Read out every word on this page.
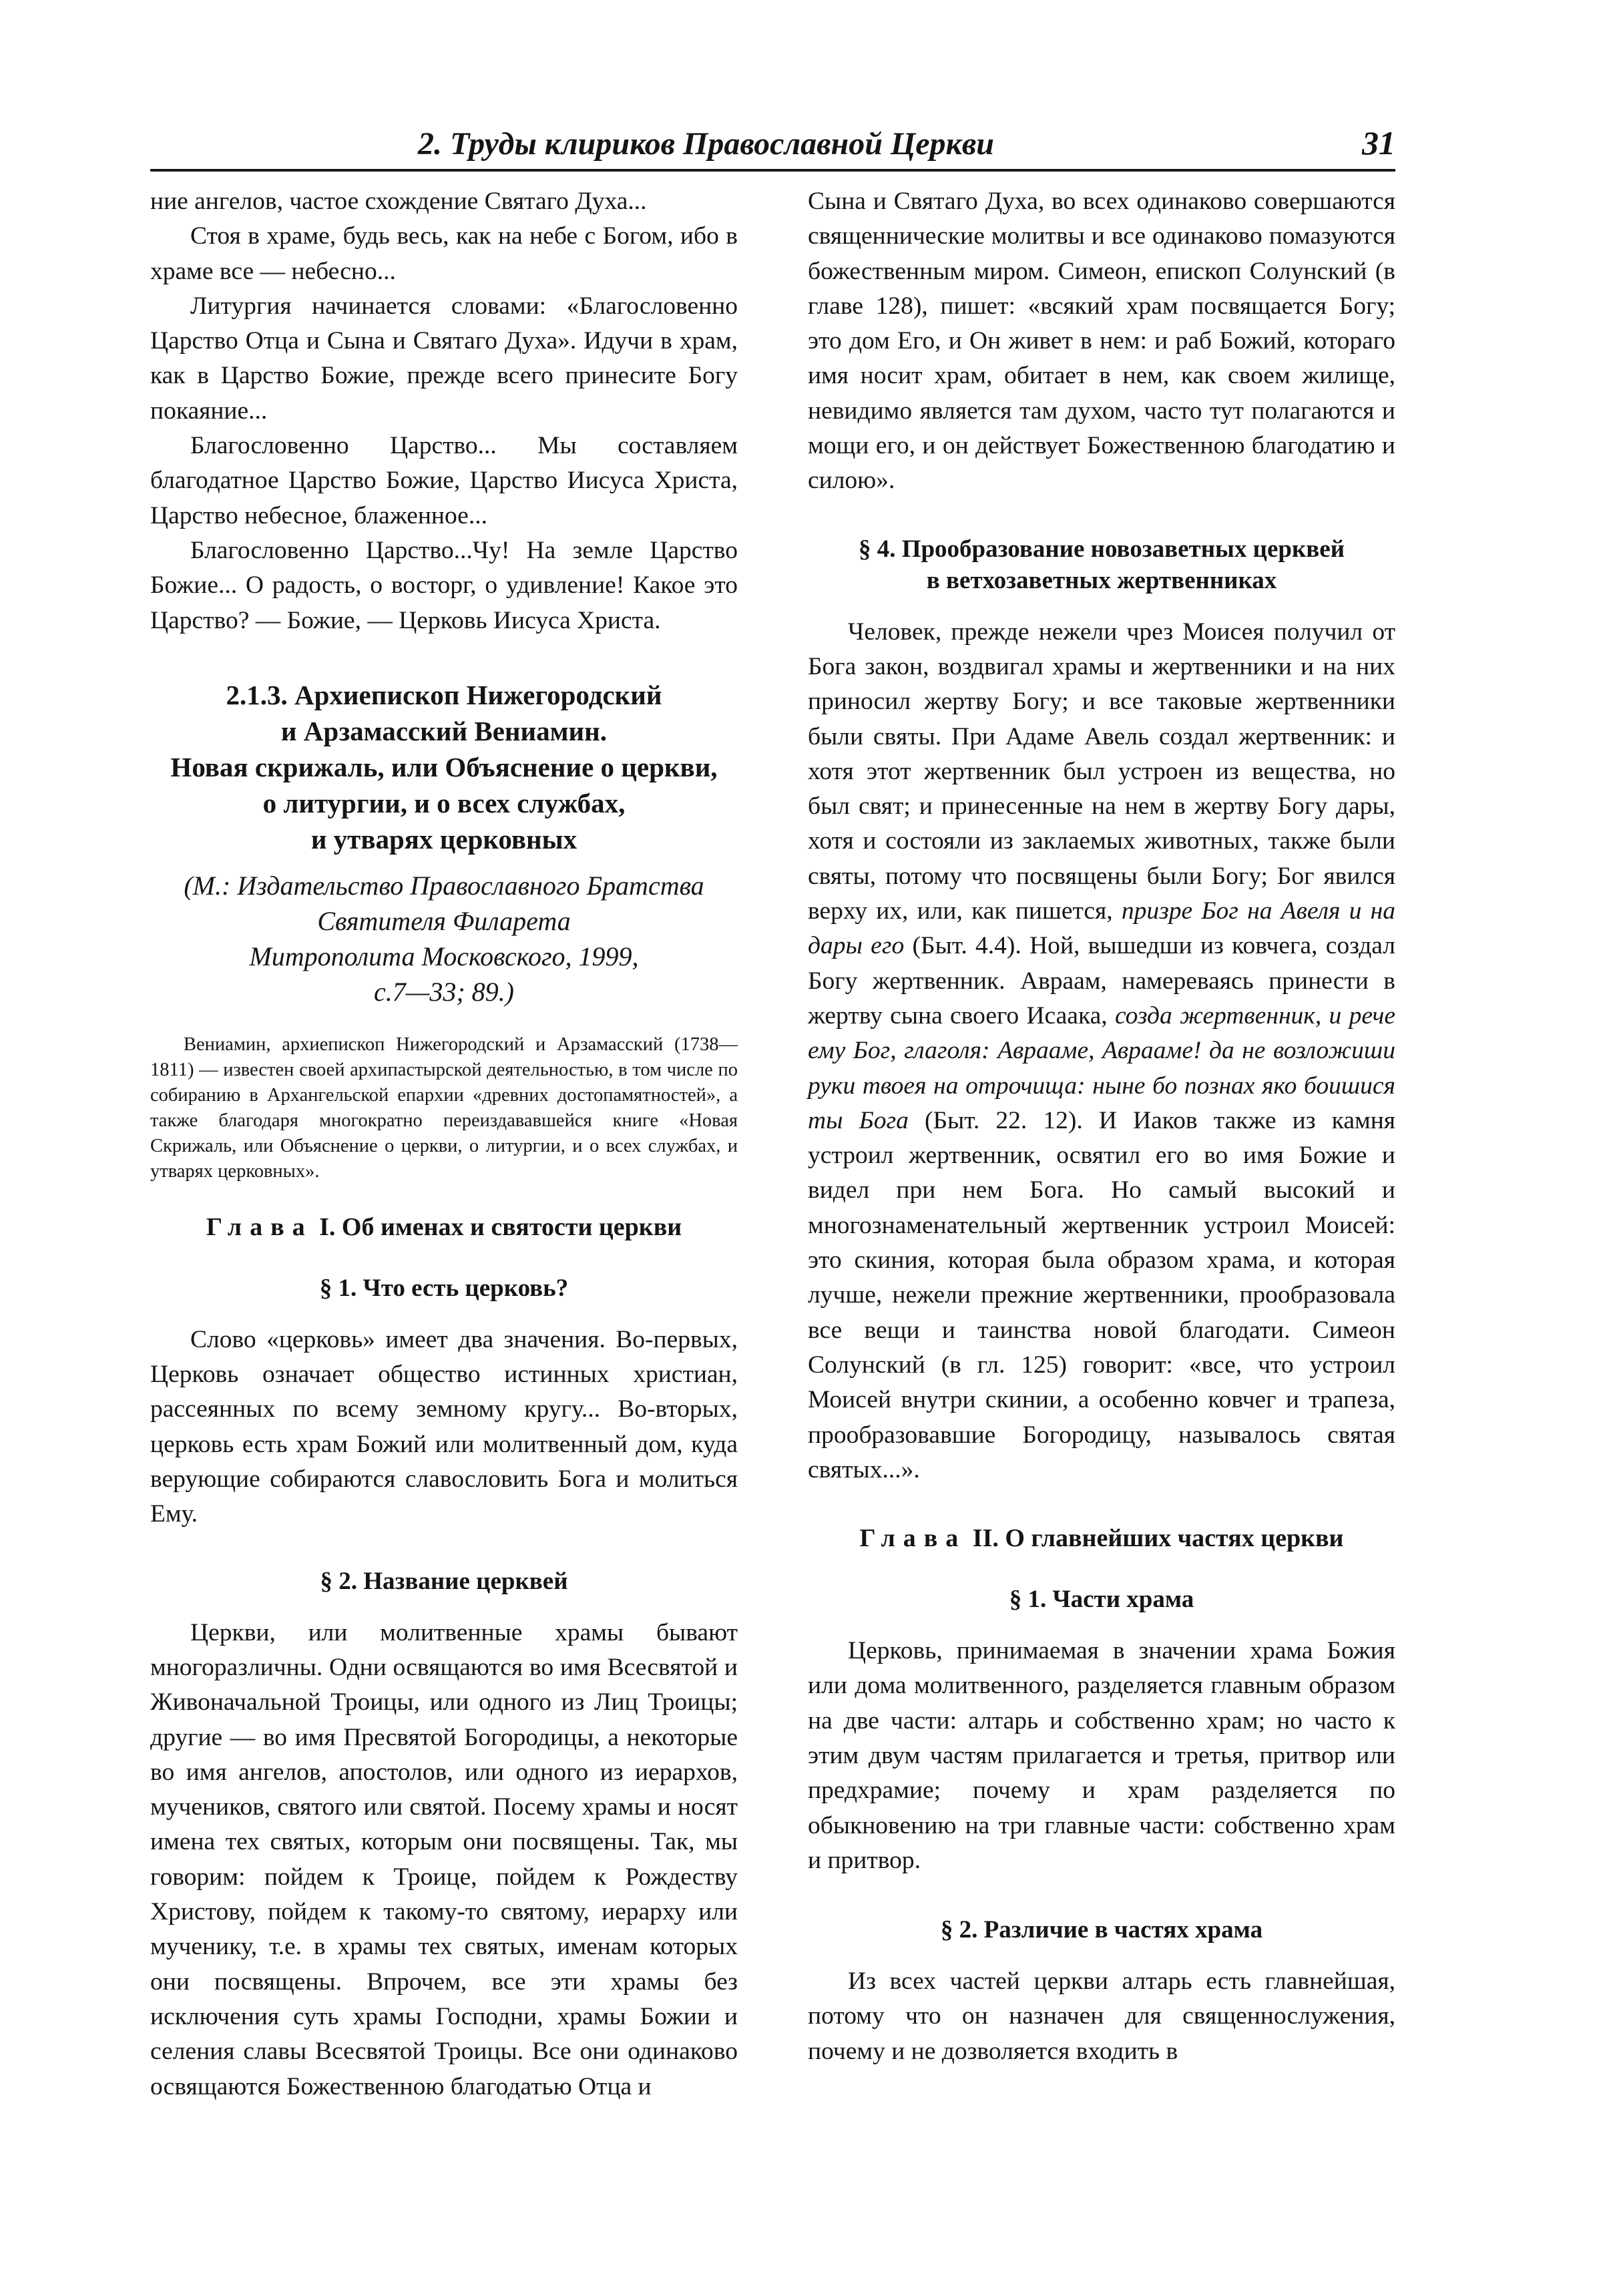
2. Труды клириков Православной Церкви	31

ние ангелов, частое схождение Святаго Духа...

Стоя в храме, будь весь, как на небе с Богом, ибо в храме все — небесно...

Литургия начинается словами: «Благословенно Царство Отца и Сына и Святаго Духа». Идучи в храм, как в Царство Божие, прежде всего принесите Богу покаяние...

Благословенно Царство... Мы составляем благодатное Царство Божие, Царство Иисуса Христа, Царство небесное, блаженное...

Благословенно Царство...Чу! На земле Царство Божие... О радость, о восторг, о удивление! Какое это Царство? — Божие, — Церковь Иисуса Христа.

2.1.3. Архиепископ Нижегородский
и Арзамасский Вениамин.
Новая скрижаль, или Объяснение о церкви,
о литургии, и о всех службах,
и утварях церковных
(М.: Издательство Православного Братства
Святителя Филарета
Митрополита Московского, 1999,
с.7—33; 89.)

Вениамин, архиепископ Нижегородский и Арзамасский (1738—1811) — известен своей архипастырской деятельностью, в том числе по собиранию в Архангельской епархии «древних достопамятностей», а также благодаря многократно переиздававшейся книге «Новая Скрижаль, или Объяснение о церкви, о литургии, и о всех службах, и утварях церковных».

Глава I. Об именах и святости церкви
§ 1. Что есть церковь?

Слово «церковь» имеет два значения. Во-первых, Церковь означает общество истинных христиан, рассеянных по всему земному кругу... Во-вторых, церковь есть храм Божий или молитвенный дом, куда верующие собираются славословить Бога и молиться Ему.

§ 2. Название церквей

Церкви, или молитвенные храмы бывают многоразличны. Одни освящаются во имя Всесвятой и Живоначальной Троицы, или одного из Лиц Троицы; другие — во имя Пресвятой Богородицы, а некоторые во имя ангелов, апостолов, или одного из иерархов, мучеников, святого или святой. Посему храмы и носят имена тех святых, которым они посвящены. Так, мы говорим: пойдем к Троице, пойдем к Рождеству Христову, пойдем к такому-то святому, иерарху или мученику, т.е. в храмы тех святых, именам которых они посвящены. Впрочем, все эти храмы без исключения суть храмы Господни, храмы Божии и селения славы Всесвятой Троицы. Все они одинаково освящаются Божественною благодатью Отца и

Сына и Святаго Духа, во всех одинаково совершаются священнические молитвы и все одинаково помазуются божественным миром. Симеон, епископ Солунский (в главе 128), пишет: «всякий храм посвящается Богу; это дом Его, и Он живет в нем: и раб Божий, котораго имя носит храм, обитает в нем, как своем жилище, невидимо является там духом, часто тут полагаются и мощи его, и он действует Божественною благодатию и силою».

§ 4. Прообразование новозаветных церквей
в ветхозаветных жертвенниках

Человек, прежде нежели чрез Моисея получил от Бога закон, воздвигал храмы и жертвенники и на них приносил жертву Богу; и все таковые жертвенники были святы. При Адаме Авель создал жертвенник: и хотя этот жертвенник был устроен из вещества, но был свят; и принесенные на нем в жертву Богу дары, хотя и состояли из заклаемых животных, также были святы, потому что посвящены были Богу; Бог явился верху их, или, как пишется, призре Бог на Авеля и на дары его (Быт. 4.4). Ной, вышедши из ковчега, создал Богу жертвенник. Авраам, намереваясь принести в жертву сына своего Исаака, созда жертвенник, и рече ему Бог, глаголя: Аврааме, Аврааме! да не возложиши руки твоея на отрочища: ныне бо познах яко боишися ты Бога (Быт. 22. 12). И Иаков также из камня устроил жертвенник, освятил его во имя Божие и видел при нем Бога. Но самый высокий и многознаменательный жертвенник устроил Моисей: это скиния, которая была образом храма, и которая лучше, нежели прежние жертвенники, прообразовала все вещи и таинства новой благодати. Симеон Солунский (в гл. 125) говорит: «все, что устроил Моисей внутри скинии, а особенно ковчег и трапеза, прообразовавшие Богородицу, называлось святая святых...».

Глава II. О главнейших частях церкви
§ 1. Части храма

Церковь, принимаемая в значении храма Божия или дома молитвенного, разделяется главным образом на две части: алтарь и собственно храм; но часто к этим двум частям прилагается и третья, притвор или предхрамие; почему и храм разделяется по обыкновению на три главные части: собственно храм и притвор.

§ 2. Различие в частях храма

Из всех частей церкви алтарь есть главнейшая, потому что он назначен для священнослужения, почему и не дозволяется входить в
